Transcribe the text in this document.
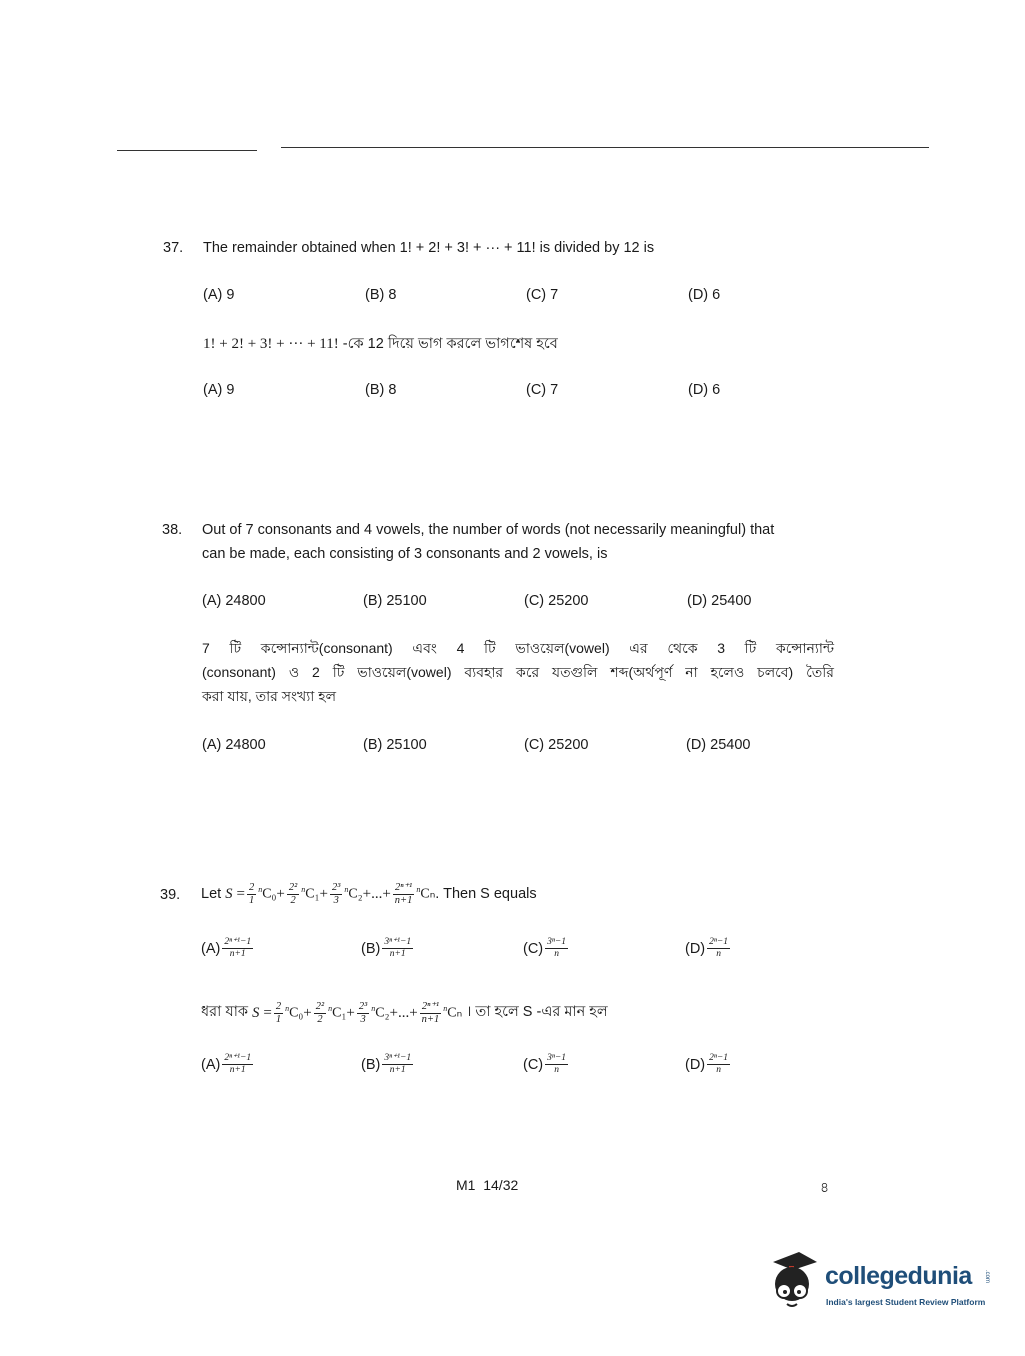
37. The remainder obtained when 1! + 2! + 3! + ··· + 11! is divided by 12 is
(A) 9	(B) 8	(C) 7	(D) 6
1! + 2! + 3! + ··· + 11! -কে 12 দিয়ে ভাগ করলে ভাগশেষ হবে
(A) 9	(B) 8	(C) 7	(D) 6
38. Out of 7 consonants and 4 vowels, the number of words (not necessarily meaningful) that
can be made, each consisting of 3 consonants and 2 vowels, is
(A) 24800	(B) 25100	(C) 25200	(D) 25400
7 টি কন্সোন্যান্ট(consonant) এবং 4 টি ভাওয়েল(vowel) এর থেকে 3 টি কন্সোন্যান্ট
(consonant) ও 2 টি ভাওয়েল(vowel) ব্যবহার করে যতগুলি শব্দ(অর্থপূর্ণ না হলেও চলবে) তৈরি
করা যায়, তার সংখ্যা হল
(A) 24800	(B) 25100	(C) 25200	(D) 25400
39. Let
S
= $\frac{2}{1} ^nC_0 + \frac{\text{2²}}{2} ^nC_1 + \frac{\text{2³}}{3} ^nC_2$ +...+ $\frac{\text{2ⁿ⁺¹}}{n+1} ^nC_n$ . Then S equals
$(A) \frac{\text{2ⁿ⁺¹−1}}{n+1}$	$(B) \frac{\text{3ⁿ⁺¹−1}}{n+1}$	$(C) \frac{\text{3ⁿ−1}}{n}$	$(D) \frac{\text{2ⁿ−1}}{n}$
ধরা যাক
S
= $\frac{2}{1} ^nC_0 + \frac{\text{2²}}{2} ^nC_1 + \frac{\text{2³}}{3} ^nC_2$ +...+ $\frac{\text{2ⁿ⁺¹}}{n+1} ^nC_n$
। তা হলে S -এর মান হল
$(A) \frac{\text{2ⁿ⁺¹−1}}{n+1}$	$(B) \frac{\text{3ⁿ⁺¹−1}}{n+1}$	$(C) \frac{\text{3ⁿ−1}}{n}$	$(D) \frac{\text{2ⁿ−1}}{n}$
M1  14/32	৪
collegedunia .com
India's largest Student Review Platform
